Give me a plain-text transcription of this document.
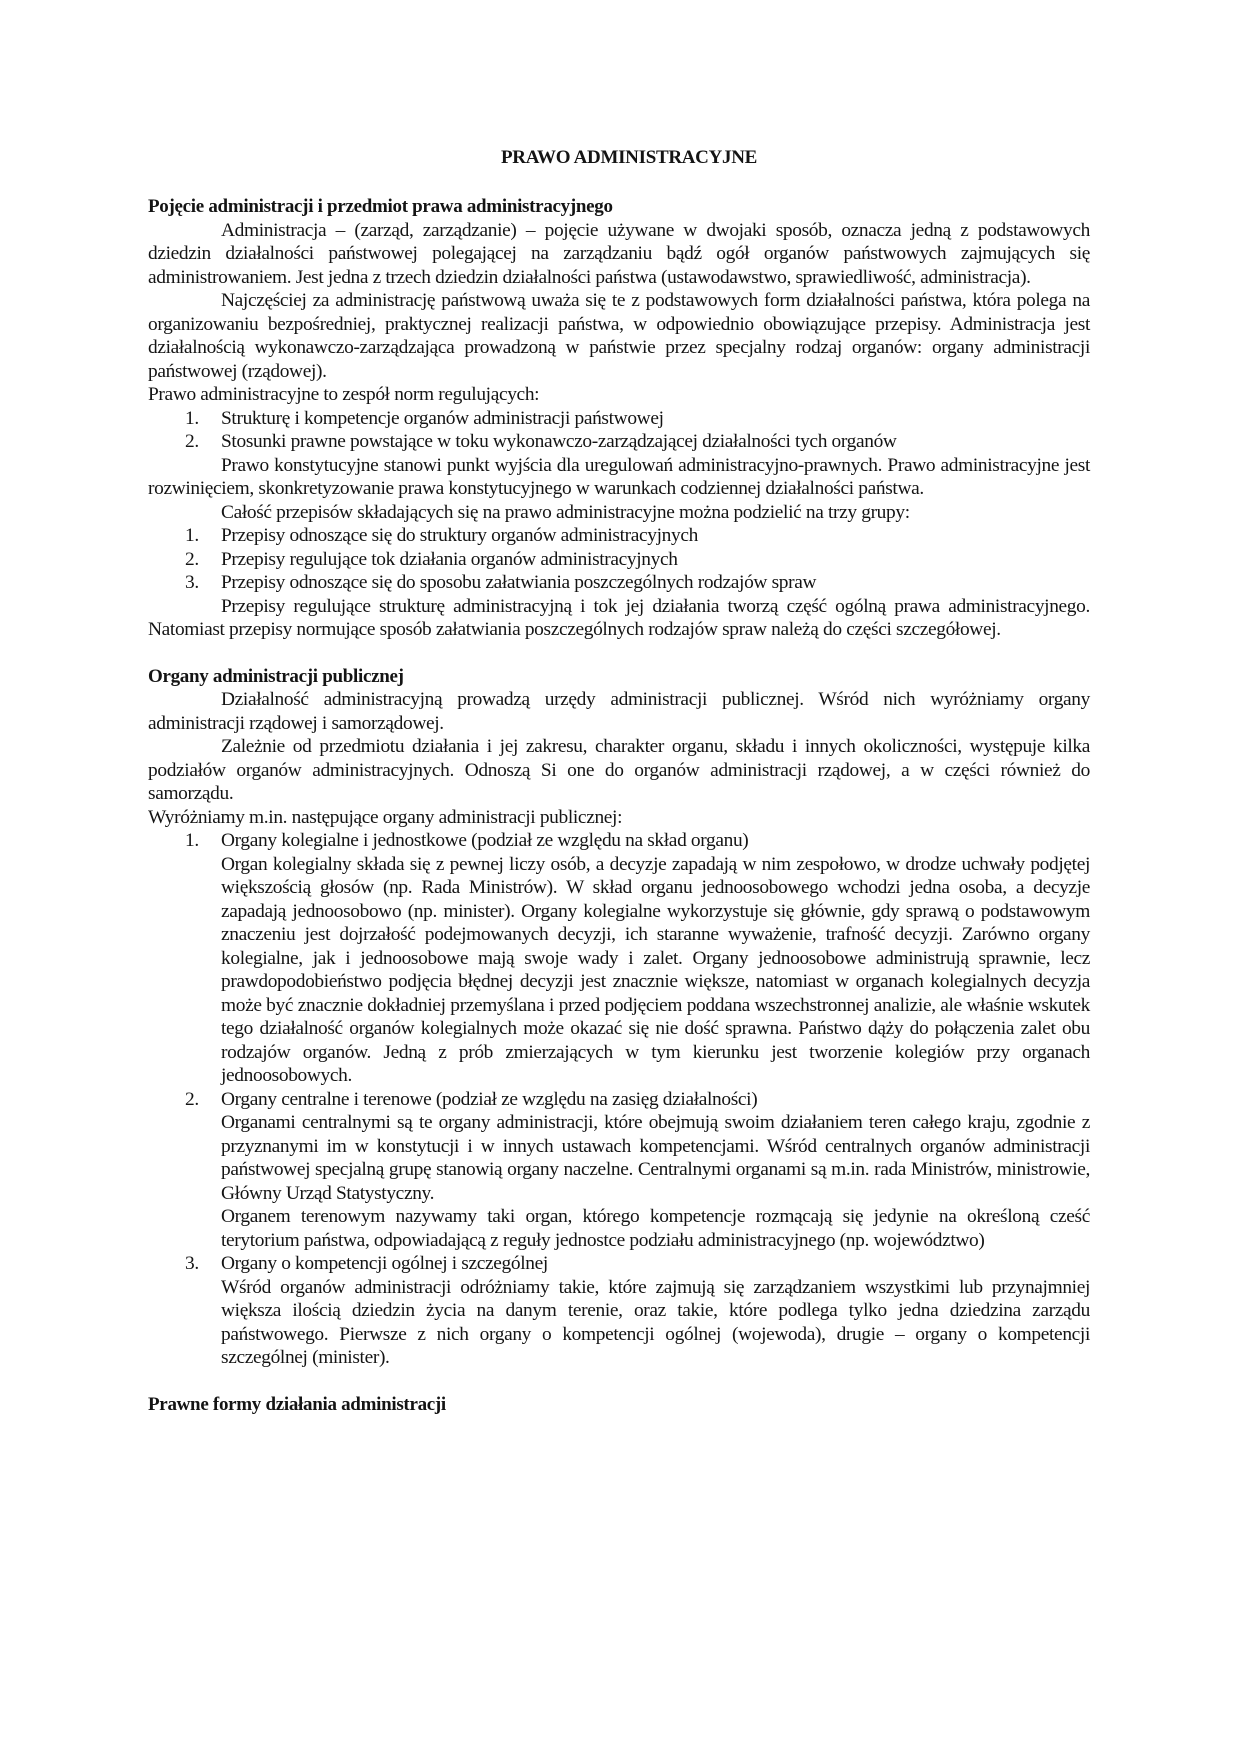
PRAWO ADMINISTRACYJNE
Pojęcie administracji i przedmiot prawa administracyjnego

Administracja – (zarząd, zarządzanie) – pojęcie używane w dwojaki sposób, oznacza jedną z podstawowych dziedzin działalności państwowej polegającej na zarządzaniu bądź ogół organów państwowych zajmujących się administrowaniem. Jest jedna z trzech dziedzin działalności państwa (ustawodawstwo, sprawiedliwość, administracja).

Najczęściej za administrację państwową uważa się te z podstawowych form działalności państwa, która polega na organizowaniu bezpośredniej, praktycznej realizacji państwa, w odpowiednio obowiązujące przepisy. Administracja jest działalnością wykonawczo-zarządzająca prowadzoną w państwie przez specjalny rodzaj organów: organy administracji państwowej (rządowej).

Prawo administracyjne to zespół norm regulujących:

1. Strukturę i kompetencje organów administracji państwowej
2. Stosunki prawne powstające w toku wykonawczo-zarządzającej działalności tych organów

Prawo konstytucyjne stanowi punkt wyjścia dla uregulowań administracyjno-prawnych. Prawo administracyjne jest rozwinięciem, skonkretyzowanie prawa konstytucyjnego w warunkach codziennej działalności państwa.

Całość przepisów składających się na prawo administracyjne można podzielić na trzy grupy:

1. Przepisy odnoszące się do struktury organów administracyjnych
2. Przepisy regulujące tok działania organów administracyjnych
3. Przepisy odnoszące się do sposobu załatwiania poszczególnych rodzajów spraw

Przepisy regulujące strukturę administracyjną i tok jej działania tworzą część ogólną prawa administracyjnego. Natomiast przepisy normujące sposób załatwiania poszczególnych rodzajów spraw należą do części szczegółowej.

Organy administracji publicznej

Działalność administracyjną prowadzą urzędy administracji publicznej. Wśród nich wyróżniamy organy administracji rządowej i samorządowej.

Zależnie od przedmiotu działania i jej zakresu, charakter organu, składu i innych okoliczności, występuje kilka podziałów organów administracyjnych. Odnoszą Si one do organów administracji rządowej, a w części również do samorządu.

Wyróżniamy m.in. następujące organy administracji publicznej:

1. Organy kolegialne i jednostkowe (podział ze względu na skład organu)

Organ kolegialny składa się z pewnej liczy osób, a decyzje zapadają w nim zespołowo, w drodze uchwały podjętej większością głosów (np. Rada Ministrów). W skład organu jednoosobowego wchodzi jedna osoba, a decyzje zapadają jednoosobowo (np. minister). Organy kolegialne wykorzystuje się głównie, gdy sprawą o podstawowym znaczeniu jest dojrzałość podejmowanych decyzji, ich staranne wyważenie, trafność decyzji. Zarówno organy kolegialne, jak i jednoosobowe mają swoje wady i zalet. Organy jednoosobowe administrują sprawnie, lecz prawdopodobieństwo podjęcia błędnej decyzji jest znacznie większe, natomiast w organach kolegialnych decyzja może być znacznie dokładniej przemyślana i przed podjęciem poddana wszechstronnej analizie, ale właśnie wskutek tego działalność organów kolegialnych może okazać się nie dość sprawna. Państwo dąży do połączenia zalet obu rodzajów organów. Jedną z prób zmierzających w tym kierunku jest tworzenie kolegiów przy organach jednoosobowych.

2. Organy centralne i terenowe (podział ze względu na zasięg działalności)

Organami centralnymi są te organy administracji, które obejmują swoim działaniem teren całego kraju, zgodnie z przyznanymi im w konstytucji i w innych ustawach kompetencjami. Wśród centralnych organów administracji państwowej specjalną grupę stanowią organy naczelne. Centralnymi organami są m.in. rada Ministrów, ministrowie, Główny Urząd Statystyczny.

Organem terenowym nazywamy taki organ, którego kompetencje rozmącają się jedynie na określoną cześć terytorium państwa, odpowiadającą z reguły jednostce podziału administracyjnego (np. województwo)

3. Organy o kompetencji ogólnej i szczególnej

Wśród organów administracji odróżniamy takie, które zajmują się zarządzaniem wszystkimi lub przynajmniej większa ilością dziedzin życia na danym terenie, oraz takie, które podlega tylko jedna dziedzina zarządu państwowego. Pierwsze z nich organy o kompetencji ogólnej (wojewoda), drugie – organy o kompetencji szczególnej (minister).

Prawne formy działania administracji
